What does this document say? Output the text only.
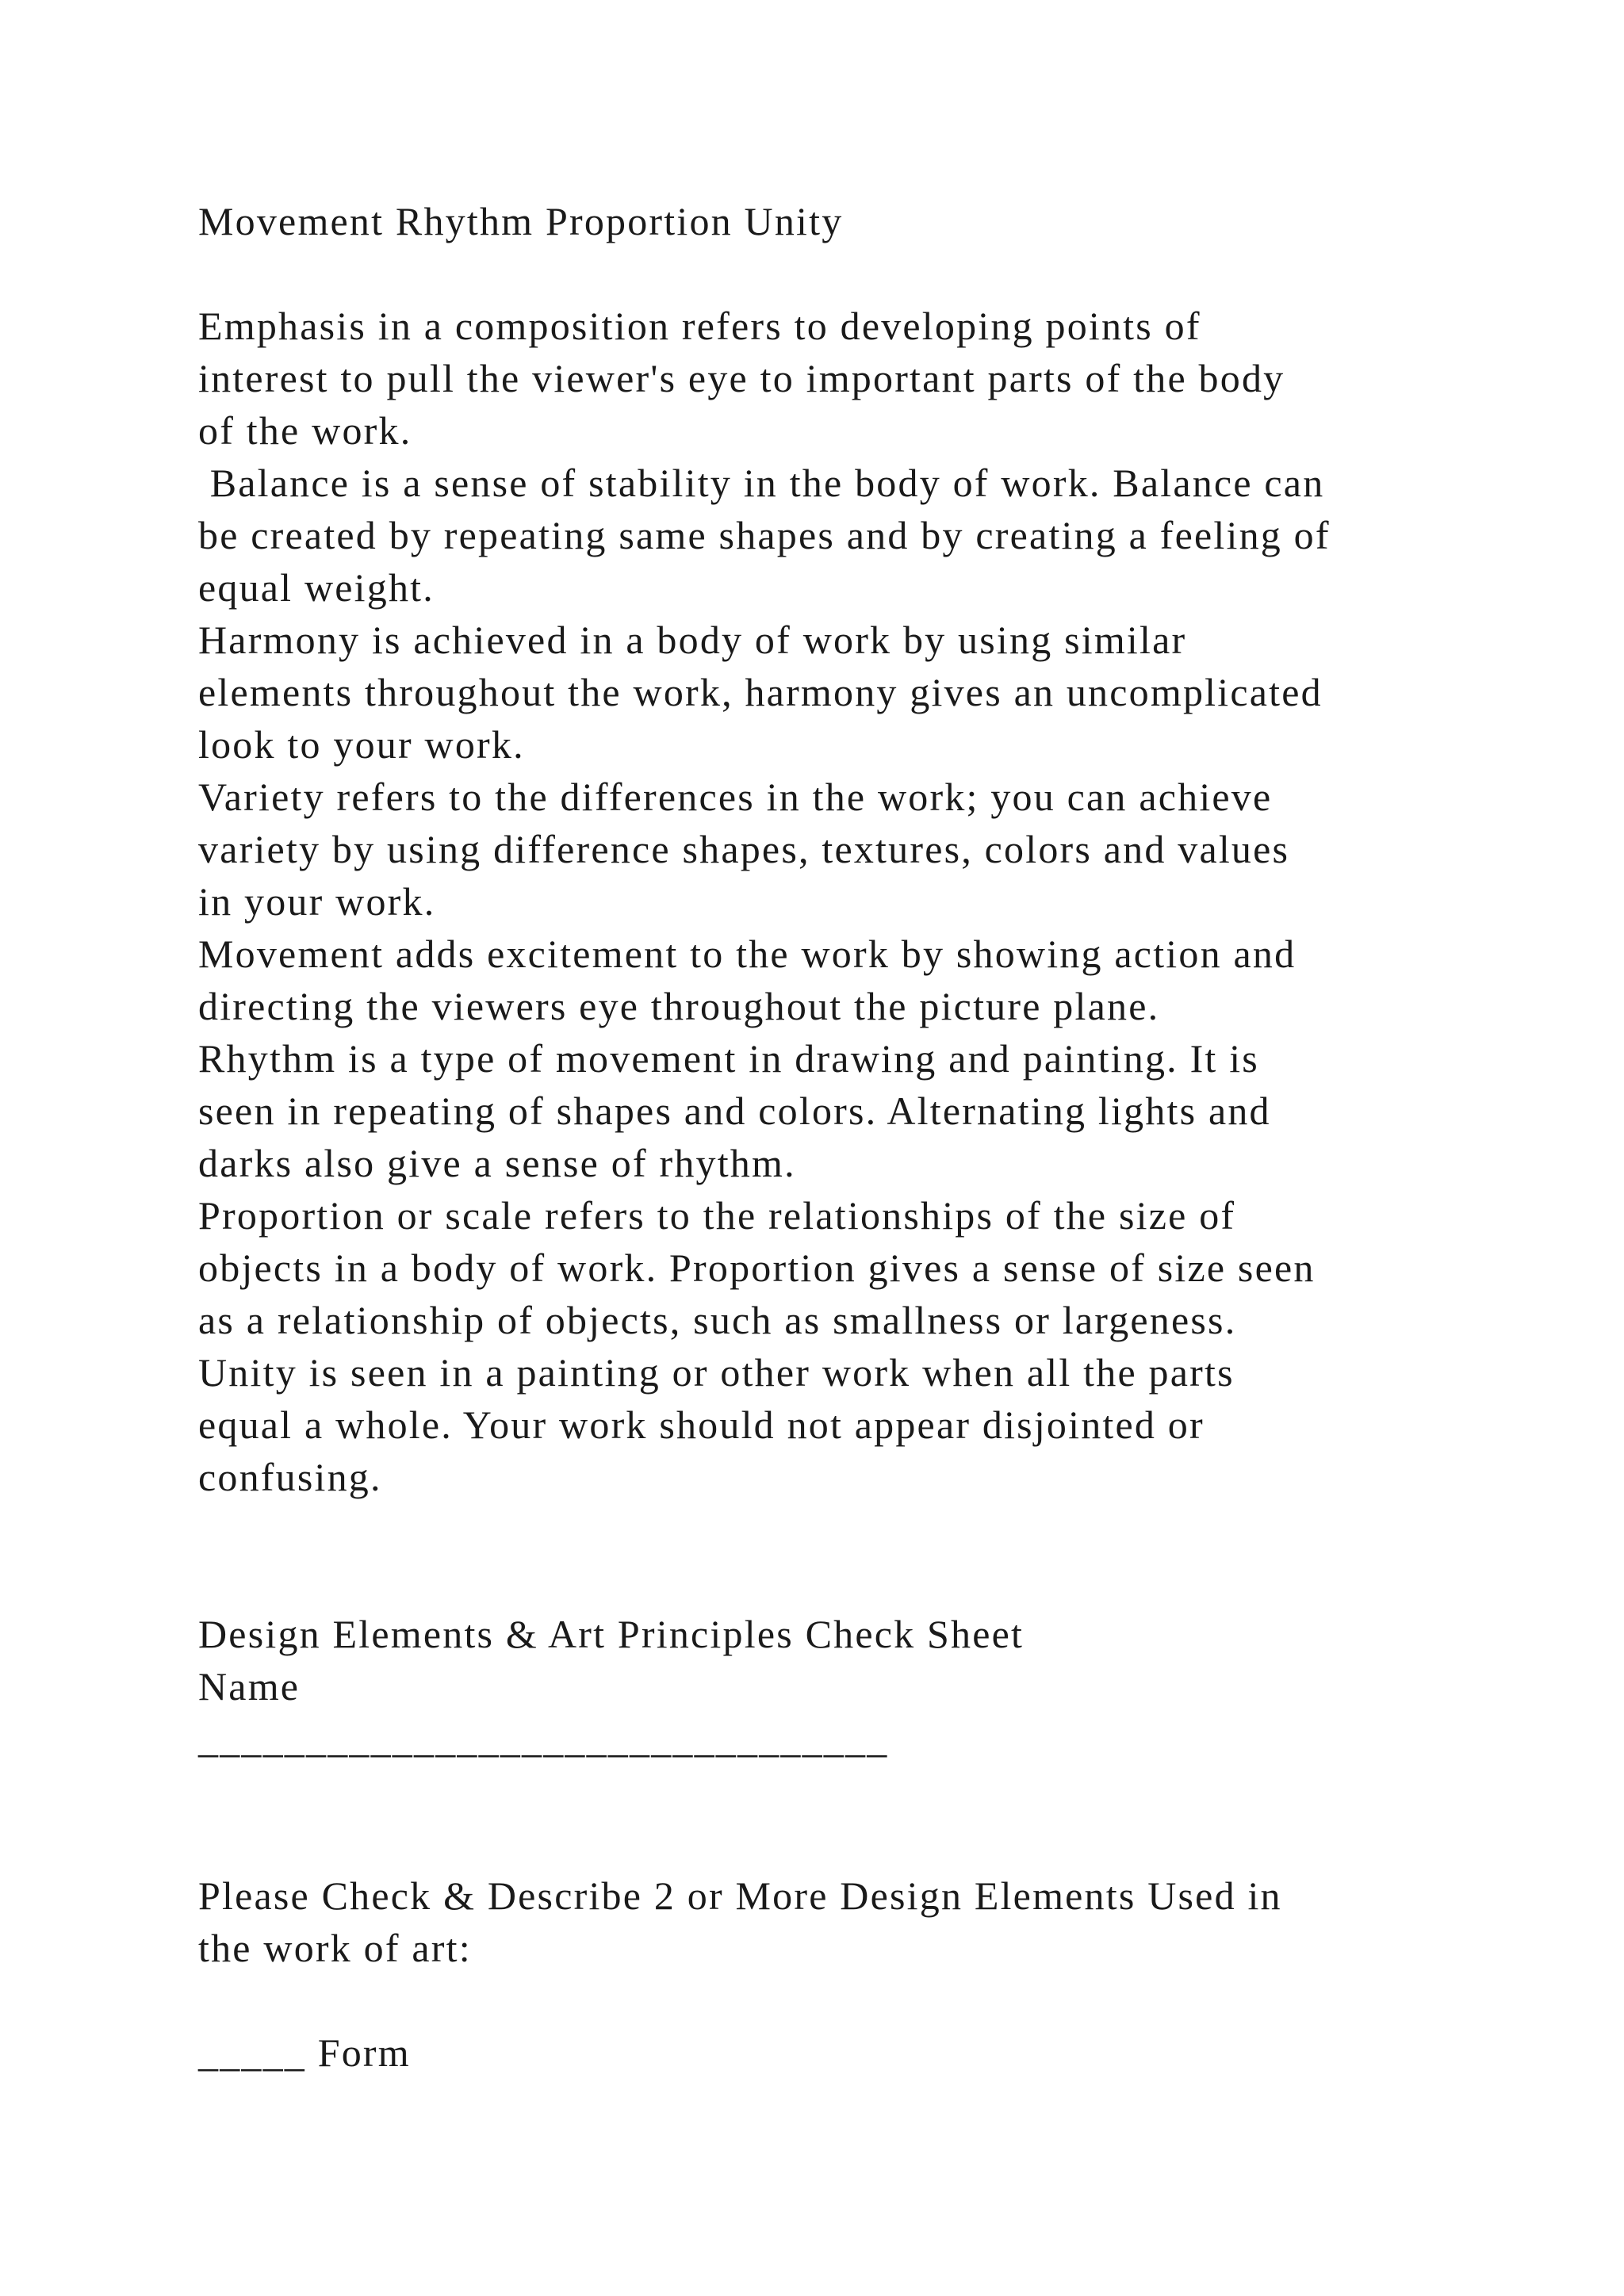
Movement Rhythm Proportion Unity

Emphasis in a composition refers to developing points of

interest to pull the viewer's eye to important parts of the body

of the work.

Balance is a sense of stability in the body of work. Balance can

be created by repeating same shapes and by creating a feeling of

equal weight.

Harmony is achieved in a body of work by using similar

elements throughout the work, harmony gives an uncomplicated

look to your work.

Variety refers to the differences in the work; you can achieve

variety by using difference shapes, textures, colors and values

in your work.

Movement adds excitement to the work by showing action and

directing the viewers eye throughout the picture plane.

Rhythm is a type of movement in drawing and painting. It is

seen in repeating of shapes and colors. Alternating lights and

darks also give a sense of rhythm.

Proportion or scale refers to the relationships of the size of

objects in a body of work. Proportion gives a sense of size seen

as a relationship of objects, such as smallness or largeness.

Unity is seen in a painting or other work when all the parts

equal a whole. Your work should not appear disjointed or

confusing.

Design Elements & Art Principles Check Sheet

Name

________________________________

Please Check & Describe 2 or More Design Elements Used in

the work of art:

_____ Form
